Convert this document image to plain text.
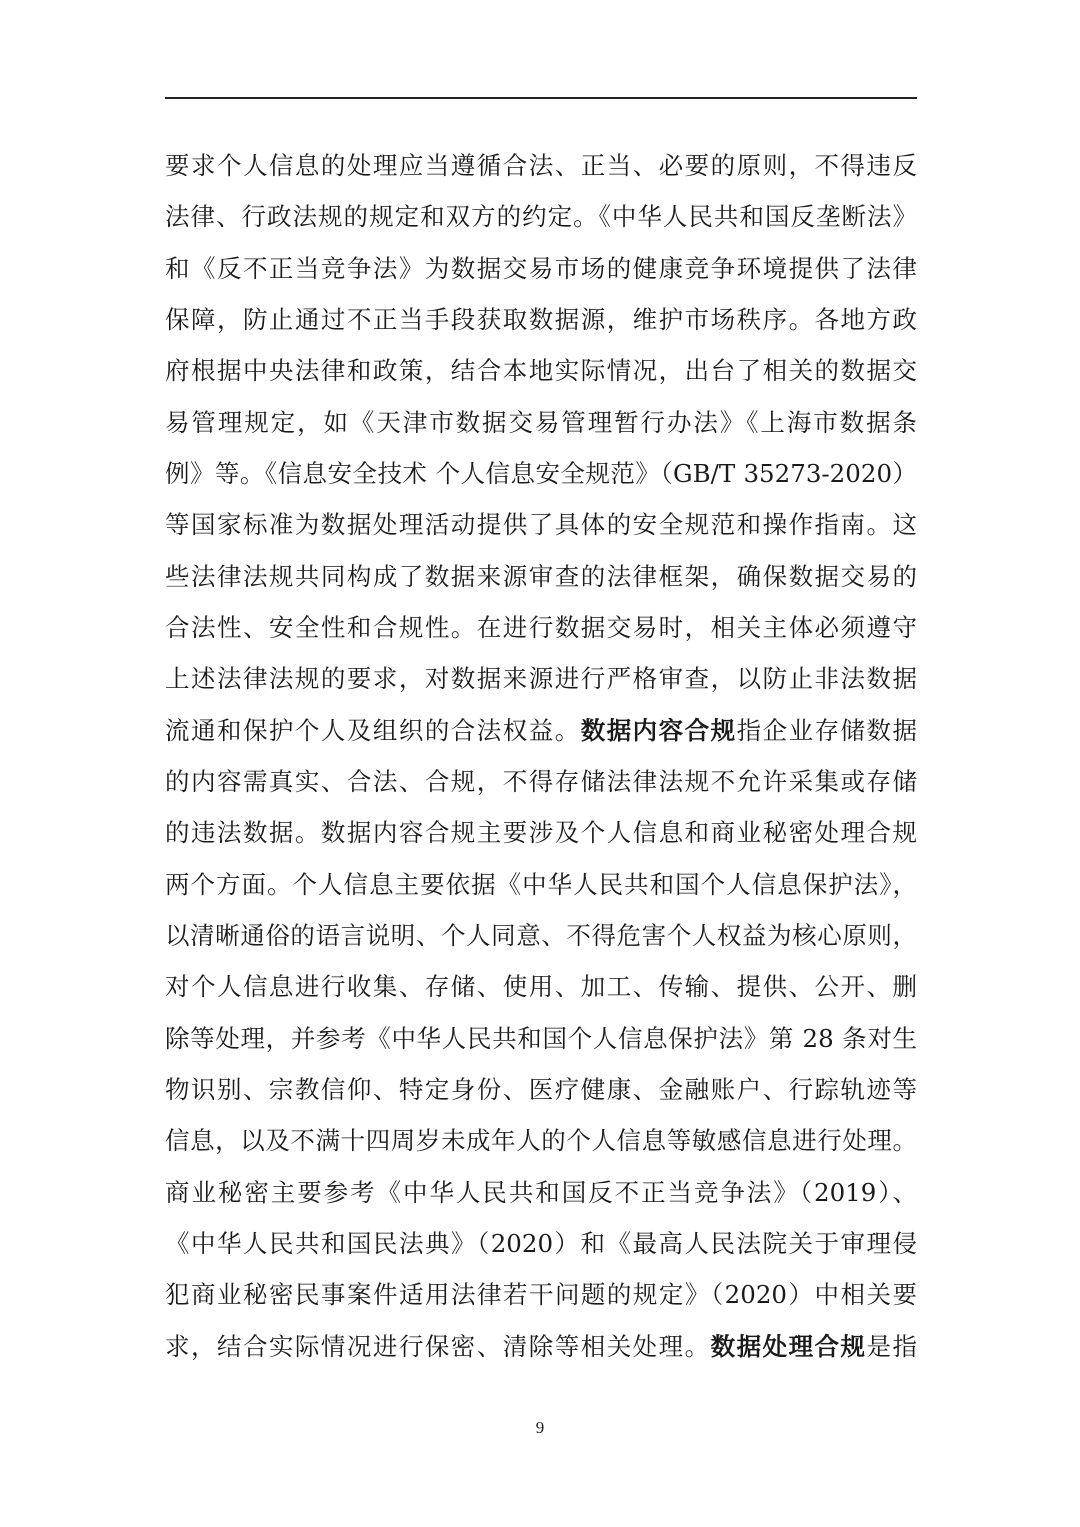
要求个人信息的处理应当遵循合法、正当、必要的原则，不得违反
法律、行政法规的规定和双方的约定。《中华人民共和国反垄断法》
和《反不正当竞争法》为数据交易市场的健康竞争环境提供了法律
保障，防止通过不正当手段获取数据源，维护市场秩序。各地方政
府根据中央法律和政策，结合本地实际情况，出台了相关的数据交
易管理规定，如《天津市数据交易管理暂行办法》《上海市数据条
例》等。《信息安全技术 个人信息安全规范》（GB/T 35273-2020）
等国家标准为数据处理活动提供了具体的安全规范和操作指南。这
些法律法规共同构成了数据来源审查的法律框架，确保数据交易的
合法性、安全性和合规性。在进行数据交易时，相关主体必须遵守
上述法律法规的要求，对数据来源进行严格审查，以防止非法数据
流通和保护个人及组织的合法权益。数据内容合规指企业存储数据
的内容需真实、合法、合规，不得存储法律法规不允许采集或存储
的违法数据。数据内容合规主要涉及个人信息和商业秘密处理合规
两个方面。个人信息主要依据《中华人民共和国个人信息保护法》，
以清晰通俗的语言说明、个人同意、不得危害个人权益为核心原则，
对个人信息进行收集、存储、使用、加工、传输、提供、公开、删
除等处理，并参考《中华人民共和国个人信息保护法》第 28 条对生
物识别、宗教信仰、特定身份、医疗健康、金融账户、行踪轨迹等
信息，以及不满十四周岁未成年人的个人信息等敏感信息进行处理。
商业秘密主要参考《中华人民共和国反不正当竞争法》（2019）、
《中华人民共和国民法典》（2020）和《最高人民法院关于审理侵
犯商业秘密民事案件适用法律若干问题的规定》（2020）中相关要
求，结合实际情况进行保密、清除等相关处理。数据处理合规是指
9
